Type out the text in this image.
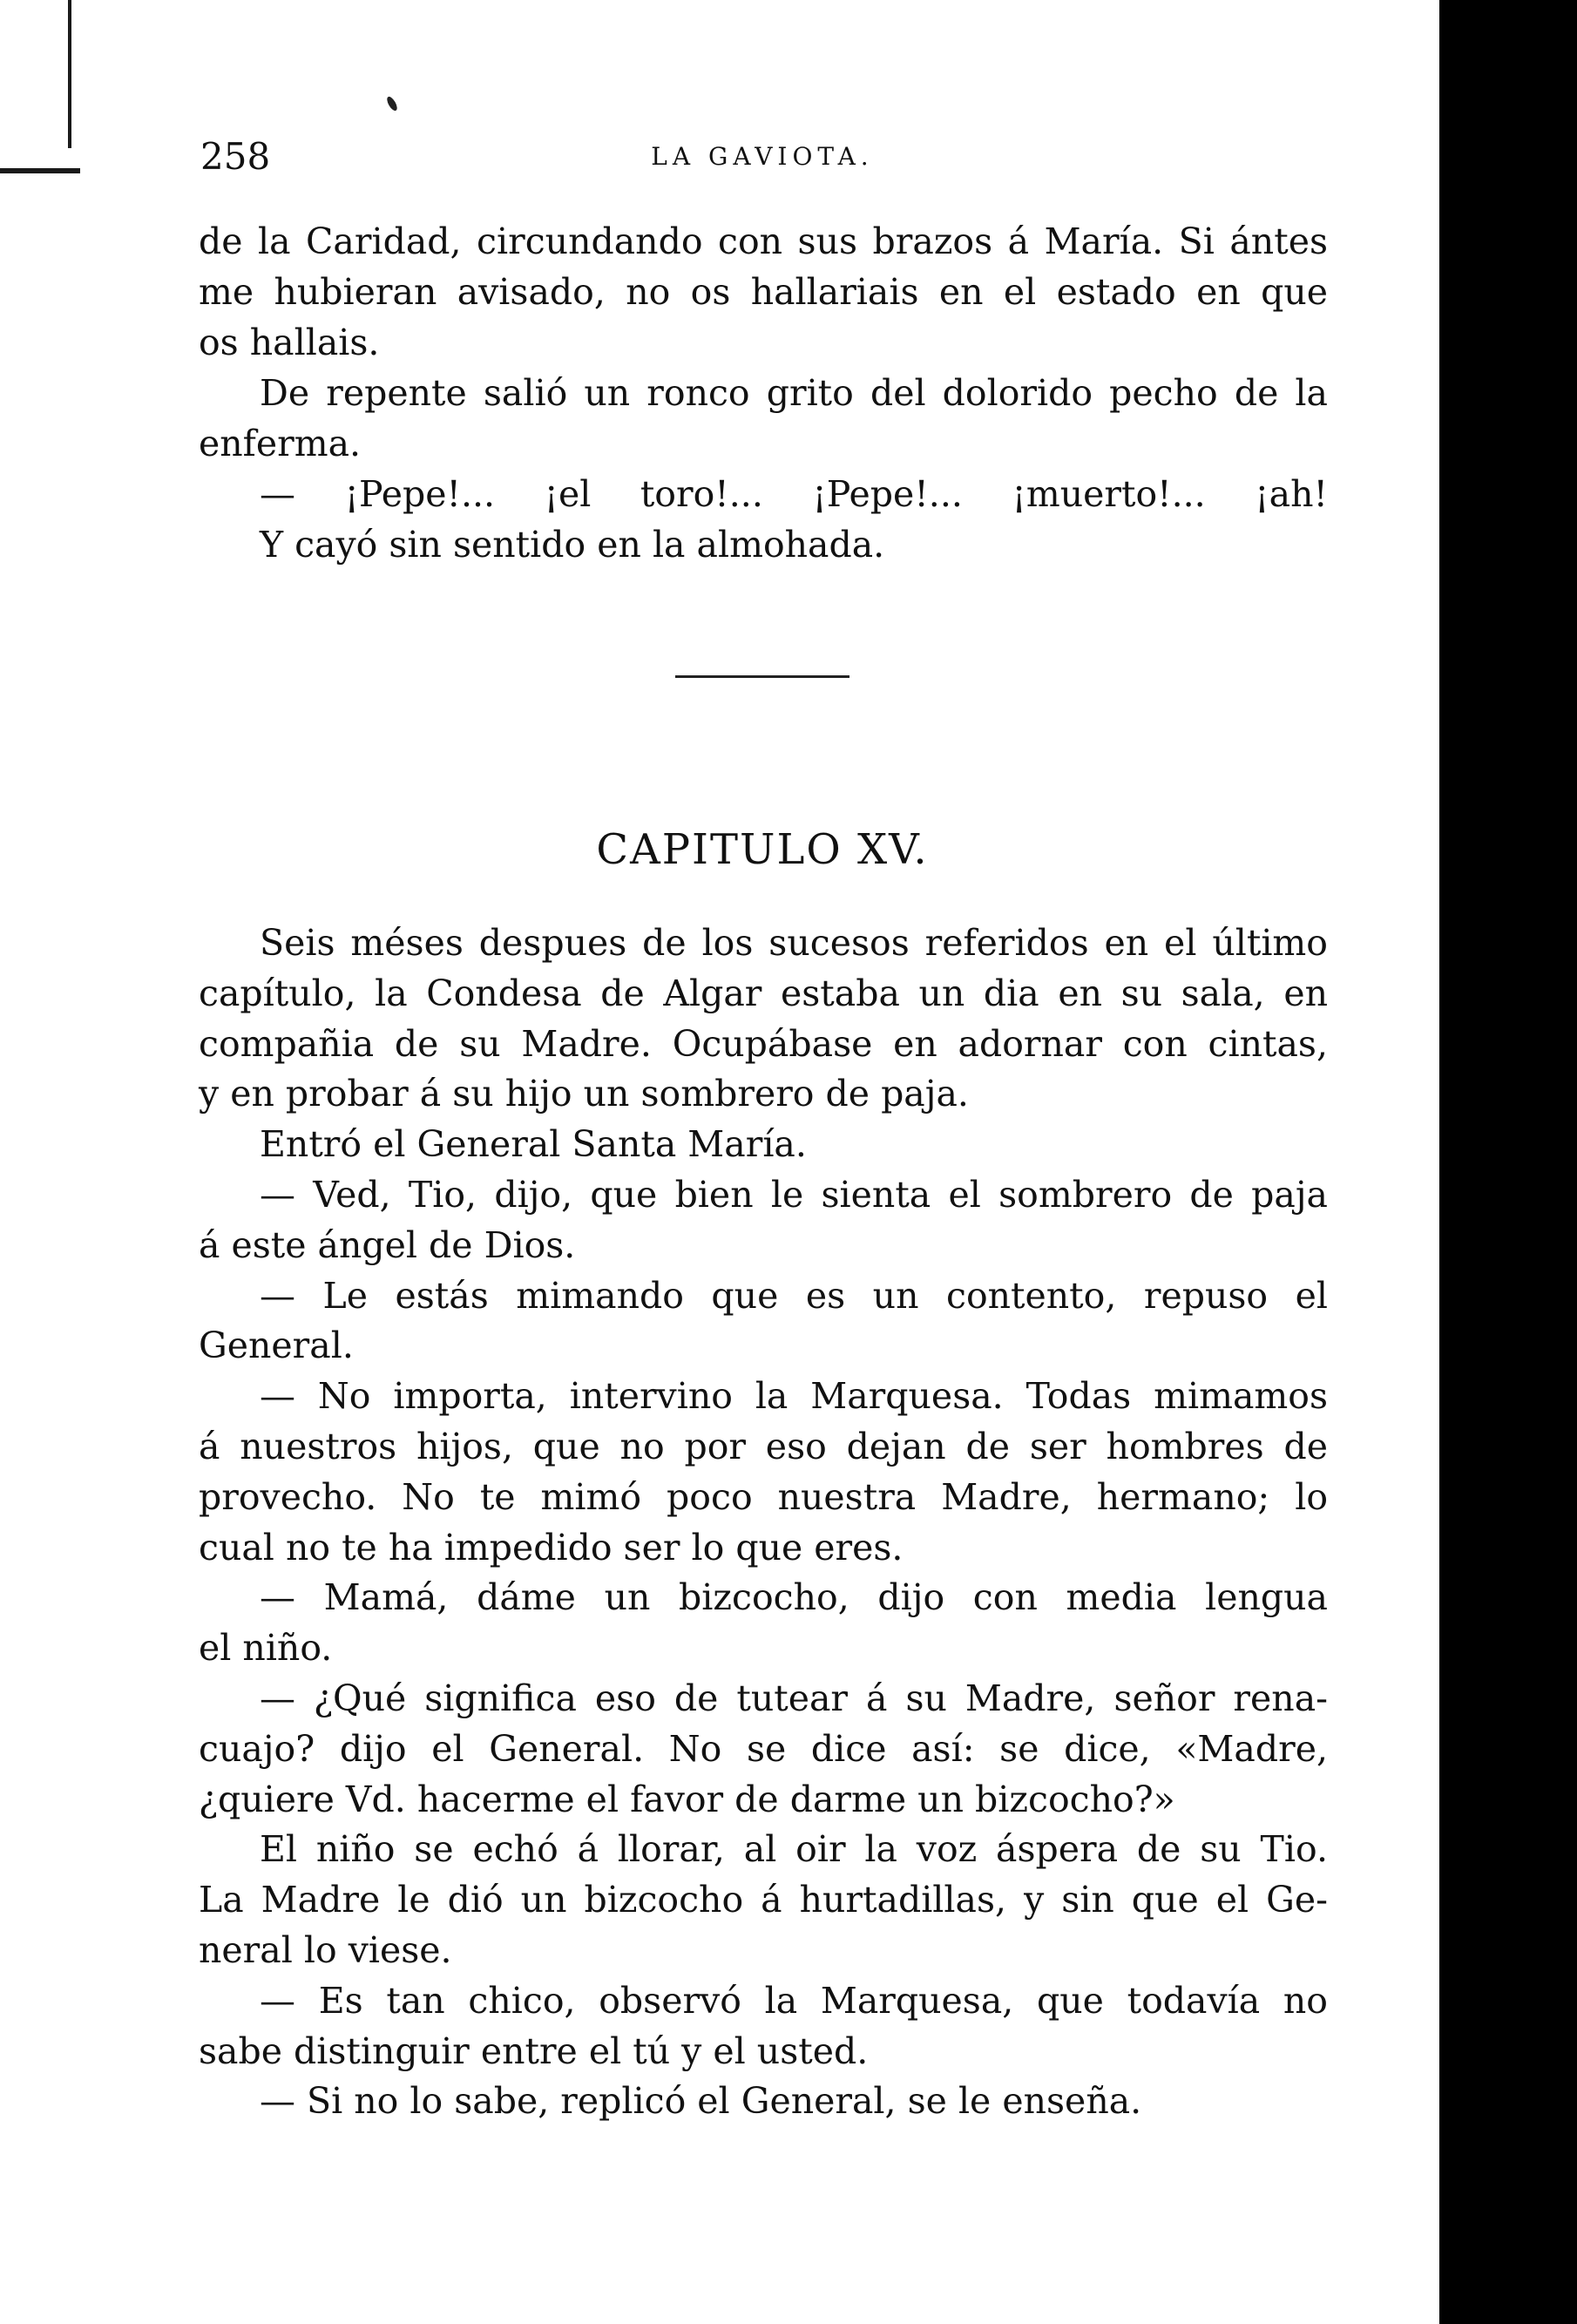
258	LA GAVIOTA.
de la Caridad, circundando con sus brazos á María. Si ántes
me hubieran avisado, no os hallariais en el estado en que
os hallais.
De repente salió un ronco grito del dolorido pecho de la
enferma.
— ¡Pepe!... ¡el toro!... ¡Pepe!... ¡muerto!... ¡ah!
Y cayó sin sentido en la almohada.
CAPITULO XV.
Seis méses despues de los sucesos referidos en el último
capítulo, la Condesa de Algar estaba un dia en su sala, en
compañia de su Madre. Ocupábase en adornar con cintas,
y en probar á su hijo un sombrero de paja.
Entró el General Santa María.
— Ved, Tio, dijo, que bien le sienta el sombrero de paja
á este ángel de Dios.
— Le estás mimando que es un contento, repuso el
General.
— No importa, intervino la Marquesa. Todas mimamos
á nuestros hijos, que no por eso dejan de ser hombres de
provecho. No te mimó poco nuestra Madre, hermano; lo
cual no te ha impedido ser lo que eres.
— Mamá, dáme un bizcocho, dijo con media lengua
el niño.
— ¿Qué significa eso de tutear á su Madre, señor rena-
cuajo? dijo el General. No se dice así: se dice, «Madre,
¿quiere Vd. hacerme el favor de darme un bizcocho?»
El niño se echó á llorar, al oir la voz áspera de su Tio.
La Madre le dió un bizcocho á hurtadillas, y sin que el Ge-
neral lo viese.
— Es tan chico, observó la Marquesa, que todavía no
sabe distinguir entre el tú y el usted.
— Si no lo sabe, replicó el General, se le enseña.
